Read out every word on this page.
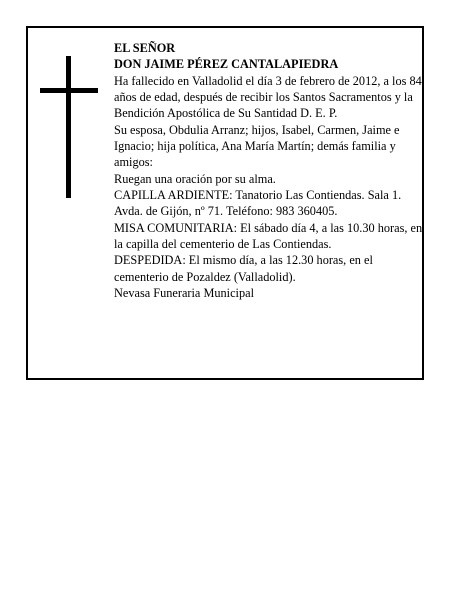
EL SEÑOR

DON JAIME PÉREZ CANTALAPIEDRA

Ha fallecido en Valladolid el día 3 de febrero de 2012, a los 84 años de edad, después de recibir los Santos Sacramentos y la Bendición Apostólica de Su Santidad D. E. P.

Su esposa, Obdulia Arranz; hijos, Isabel, Carmen, Jaime e Ignacio; hija política, Ana María Martín; demás familia y amigos:

Ruegan una oración por su alma.

CAPILLA ARDIENTE: Tanatorio Las Contiendas. Sala 1. Avda. de Gijón, nº 71. Teléfono: 983 360405.

MISA COMUNITARIA: El sábado día 4, a las 10.30 horas, en la capilla del cementerio de Las Contiendas.

DESPEDIDA: El mismo día, a las 12.30 horas, en el cementerio de Pozaldez (Valladolid).

Nevasa Funeraria Municipal
